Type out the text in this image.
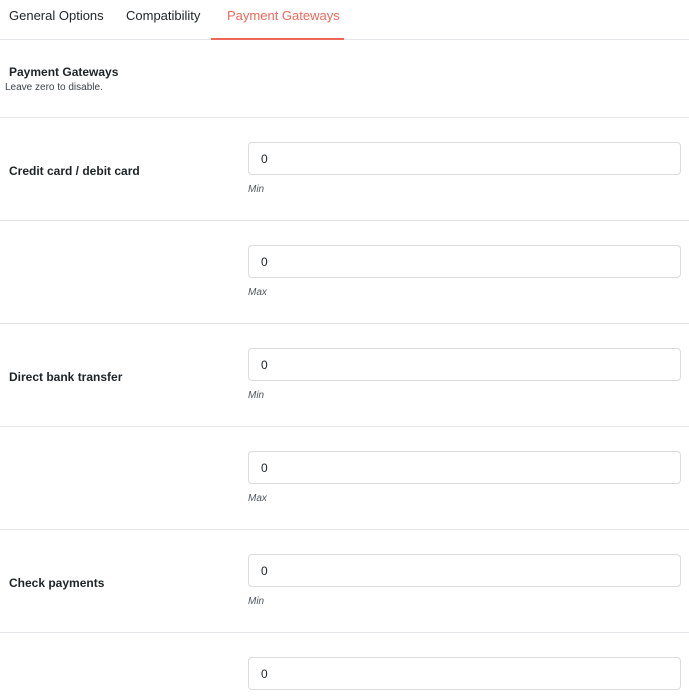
General Options Compatibility Payment Gateways
Payment Gateways
Leave zero to disable.
Credit card / debit card
0
Min
0
Max
Direct bank transfer
0
Min
0
Max
Check payments
0
Min
0
